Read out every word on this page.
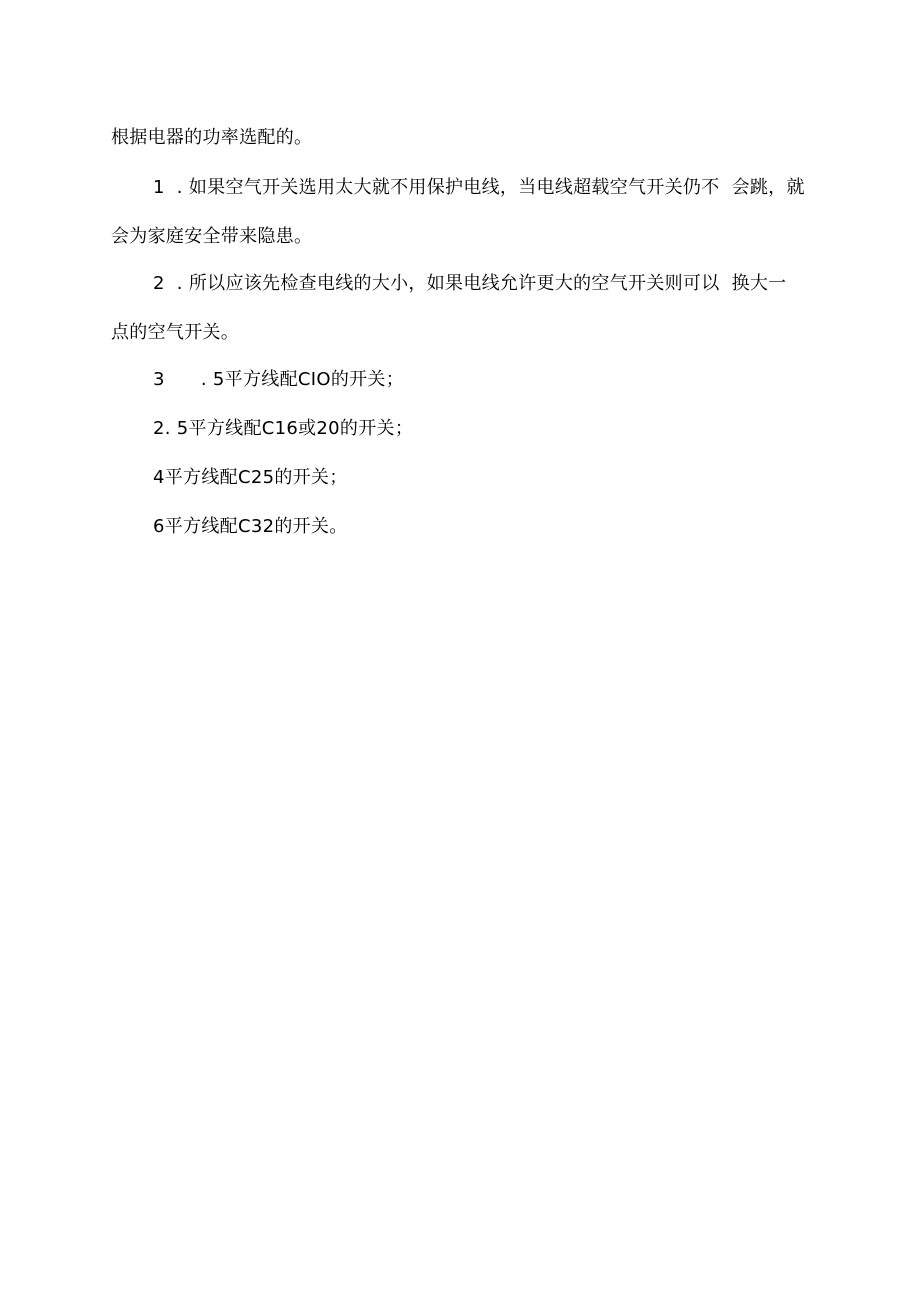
根据电器的功率选配的。
1  . 如果空气开关选用太大就不用保护电线，当电线超载空气开关仍不  会跳，就
会为家庭安全带来隐患。
2  . 所以应该先检查电线的大小，如果电线允许更大的空气开关则可以  换大一
点的空气开关。
3      . 5平方线配CIO的开关；
2. 5平方线配C16或20的开关；
4平方线配C25的开关；
6平方线配C32的开关。
